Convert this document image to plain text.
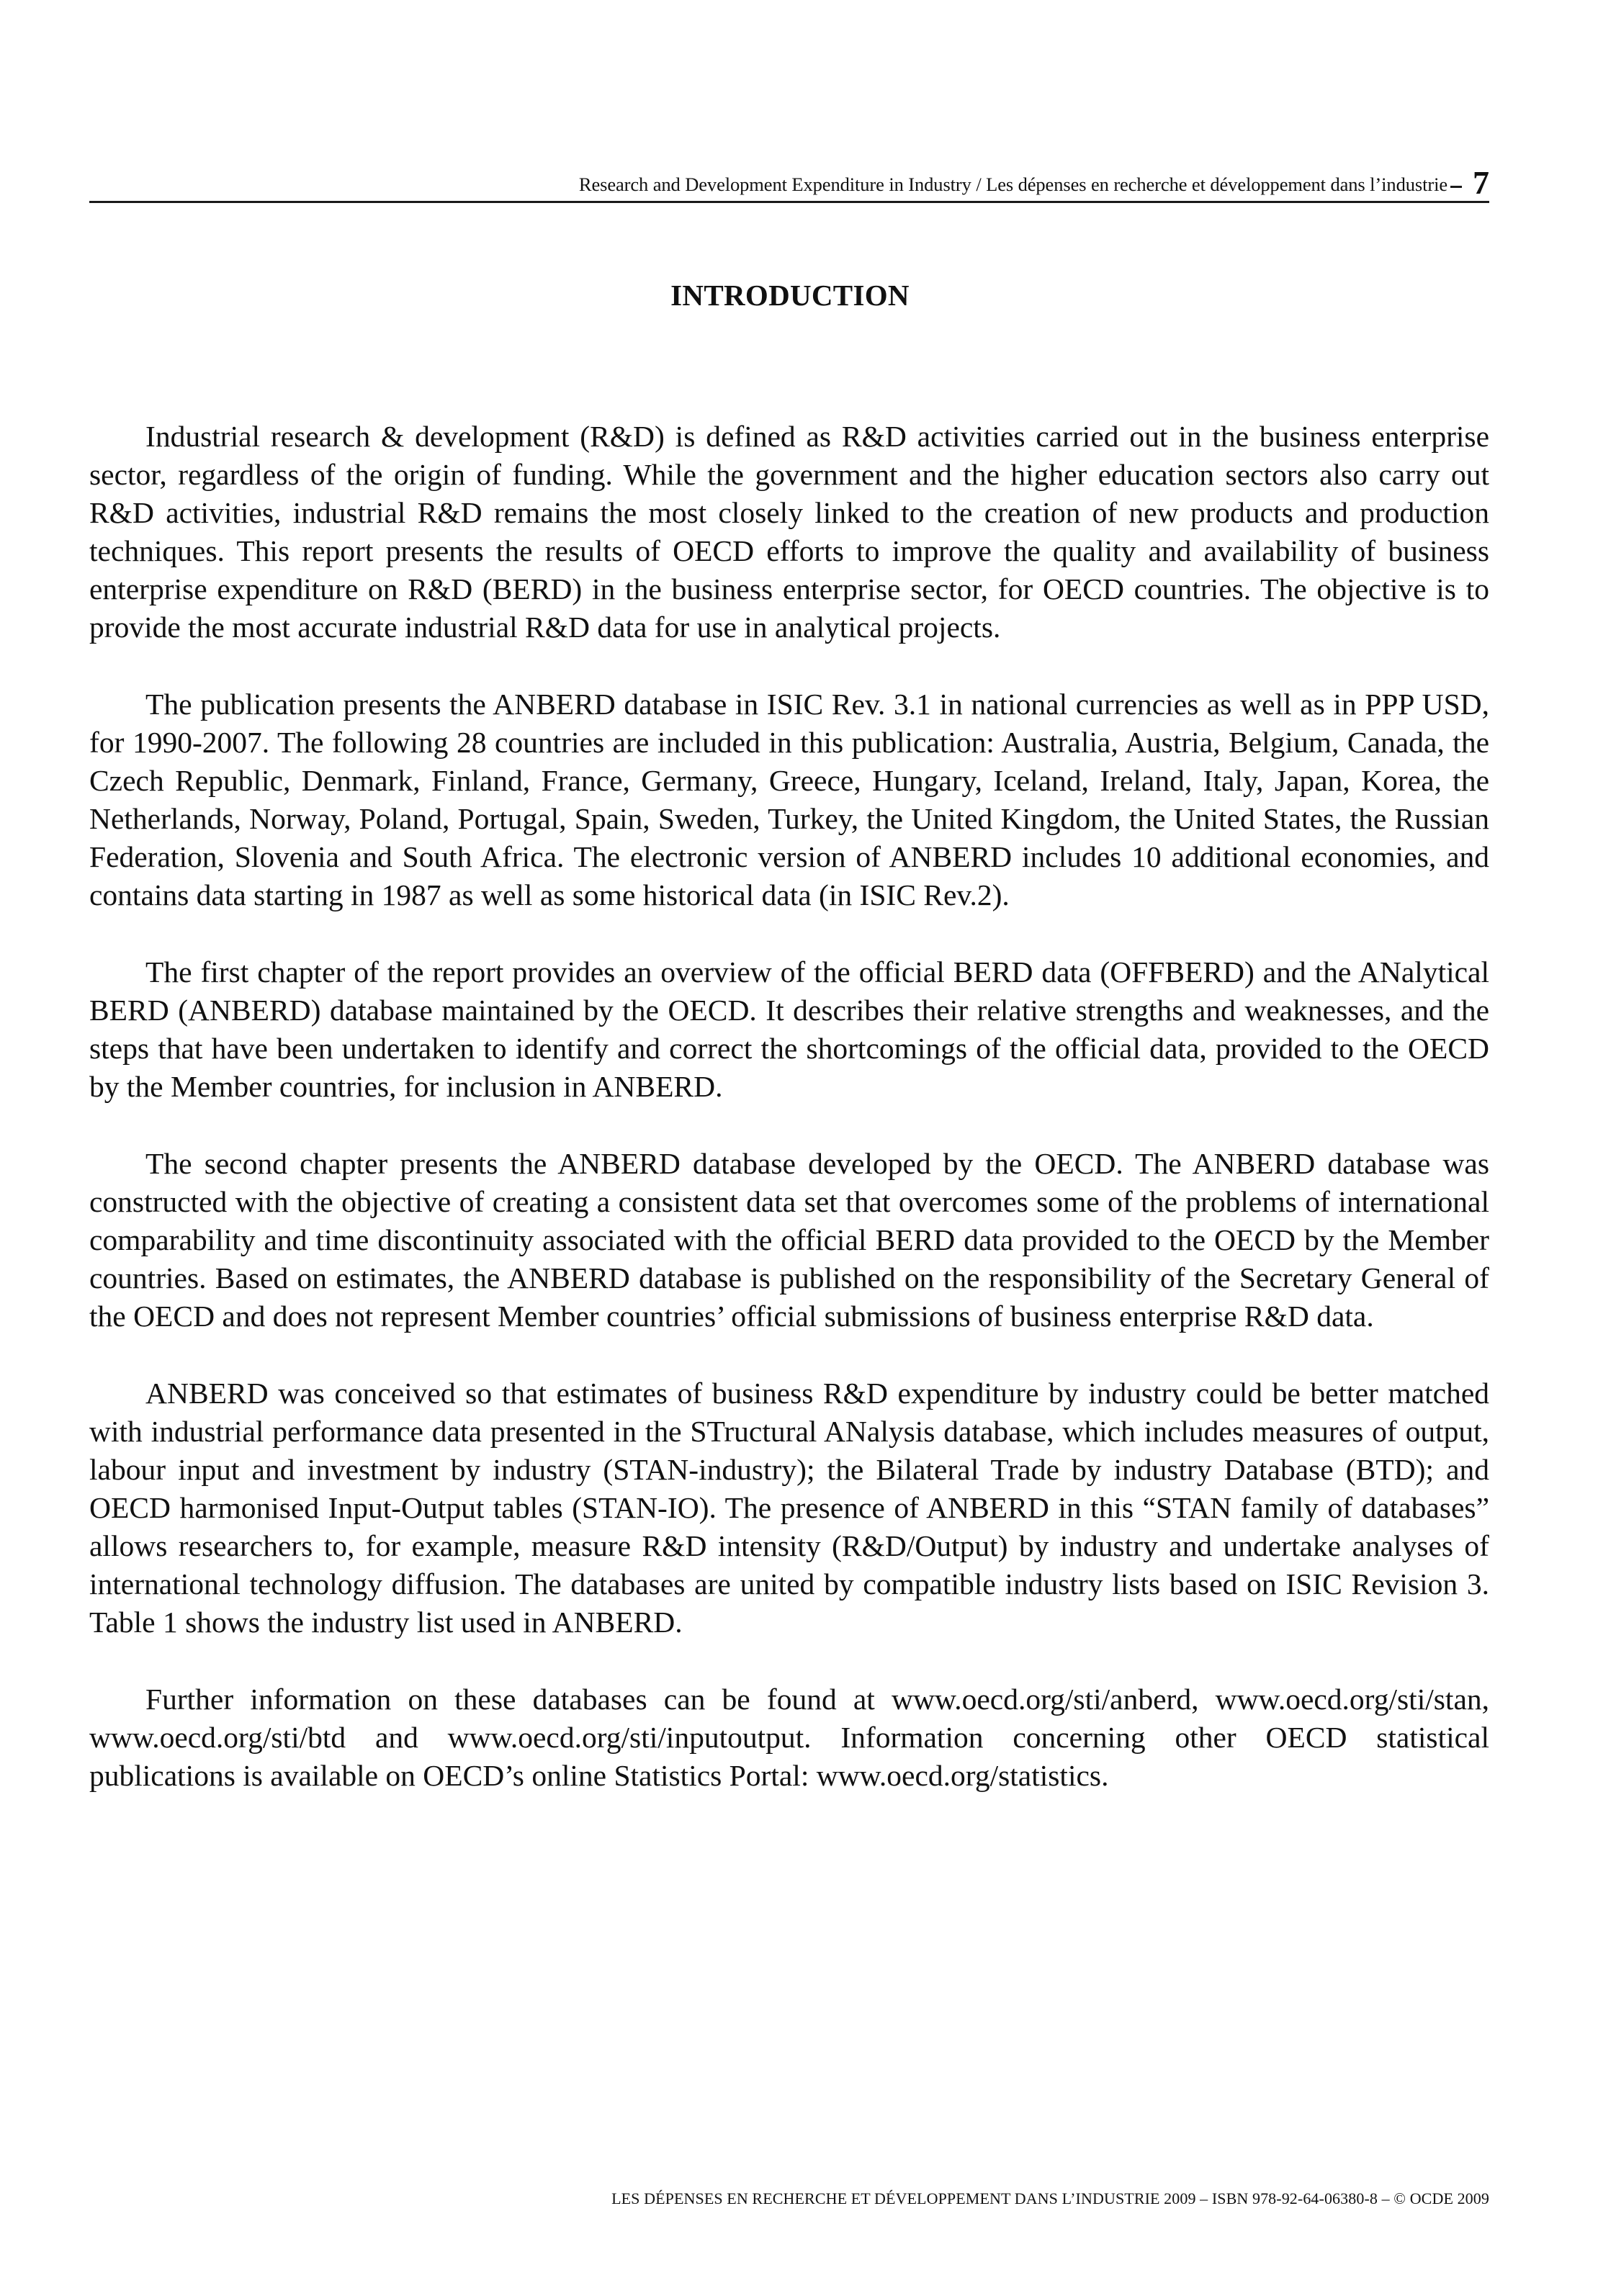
Research and Development Expenditure in Industry / Les dépenses en recherche et développement dans l’industrie 7
INTRODUCTION

Industrial research & development (R&D) is defined as R&D activities carried out in the business enterprise sector, regardless of the origin of funding. While the government and the higher education sectors also carry out R&D activities, industrial R&D remains the most closely linked to the creation of new products and production techniques. This report presents the results of OECD efforts to improve the quality and availability of business enterprise expenditure on R&D (BERD) in the business enterprise sector, for OECD countries. The objective is to provide the most accurate industrial R&D data for use in analytical projects.

The publication presents the ANBERD database in ISIC Rev. 3.1 in national currencies as well as in PPP USD, for 1990-2007. The following 28 countries are included in this publication: Australia, Austria, Belgium, Canada, the Czech Republic, Denmark, Finland, France, Germany, Greece, Hungary, Iceland, Ireland, Italy, Japan, Korea, the Netherlands, Norway, Poland, Portugal, Spain, Sweden, Turkey, the United Kingdom, the United States, the Russian Federation, Slovenia and South Africa. The electronic version of ANBERD includes 10 additional economies, and contains data starting in 1987 as well as some historical data (in ISIC Rev.2).

The first chapter of the report provides an overview of the official BERD data (OFFBERD) and the ANalytical BERD (ANBERD) database maintained by the OECD. It describes their relative strengths and weaknesses, and the steps that have been undertaken to identify and correct the shortcomings of the official data, provided to the OECD by the Member countries, for inclusion in ANBERD.

The second chapter presents the ANBERD database developed by the OECD. The ANBERD database was constructed with the objective of creating a consistent data set that overcomes some of the problems of international comparability and time discontinuity associated with the official BERD data provided to the OECD by the Member countries. Based on estimates, the ANBERD database is published on the responsibility of the Secretary General of the OECD and does not represent Member countries’ official submissions of business enterprise R&D data.

ANBERD was conceived so that estimates of business R&D expenditure by industry could be better matched with industrial performance data presented in the STructural ANalysis database, which includes measures of output, labour input and investment by industry (STAN-industry); the Bilateral Trade by industry Database (BTD); and OECD harmonised Input-Output tables (STAN-IO). The presence of ANBERD in this “STAN family of databases” allows researchers to, for example, measure R&D intensity (R&D/Output) by industry and undertake analyses of international technology diffusion. The databases are united by compatible industry lists based on ISIC Revision 3. Table 1 shows the industry list used in ANBERD.

Further information on these databases can be found at www.oecd.org/sti/anberd, www.oecd.org/sti/stan, www.oecd.org/sti/btd and www.oecd.org/sti/inputoutput. Information concerning other OECD statistical publications is available on OECD’s online Statistics Portal: www.oecd.org/statistics.

LES DÉPENSES EN RECHERCHE ET DÉVELOPPEMENT DANS L’INDUSTRIE 2009 – ISBN 978-92-64-06380-8 – © OCDE 2009
